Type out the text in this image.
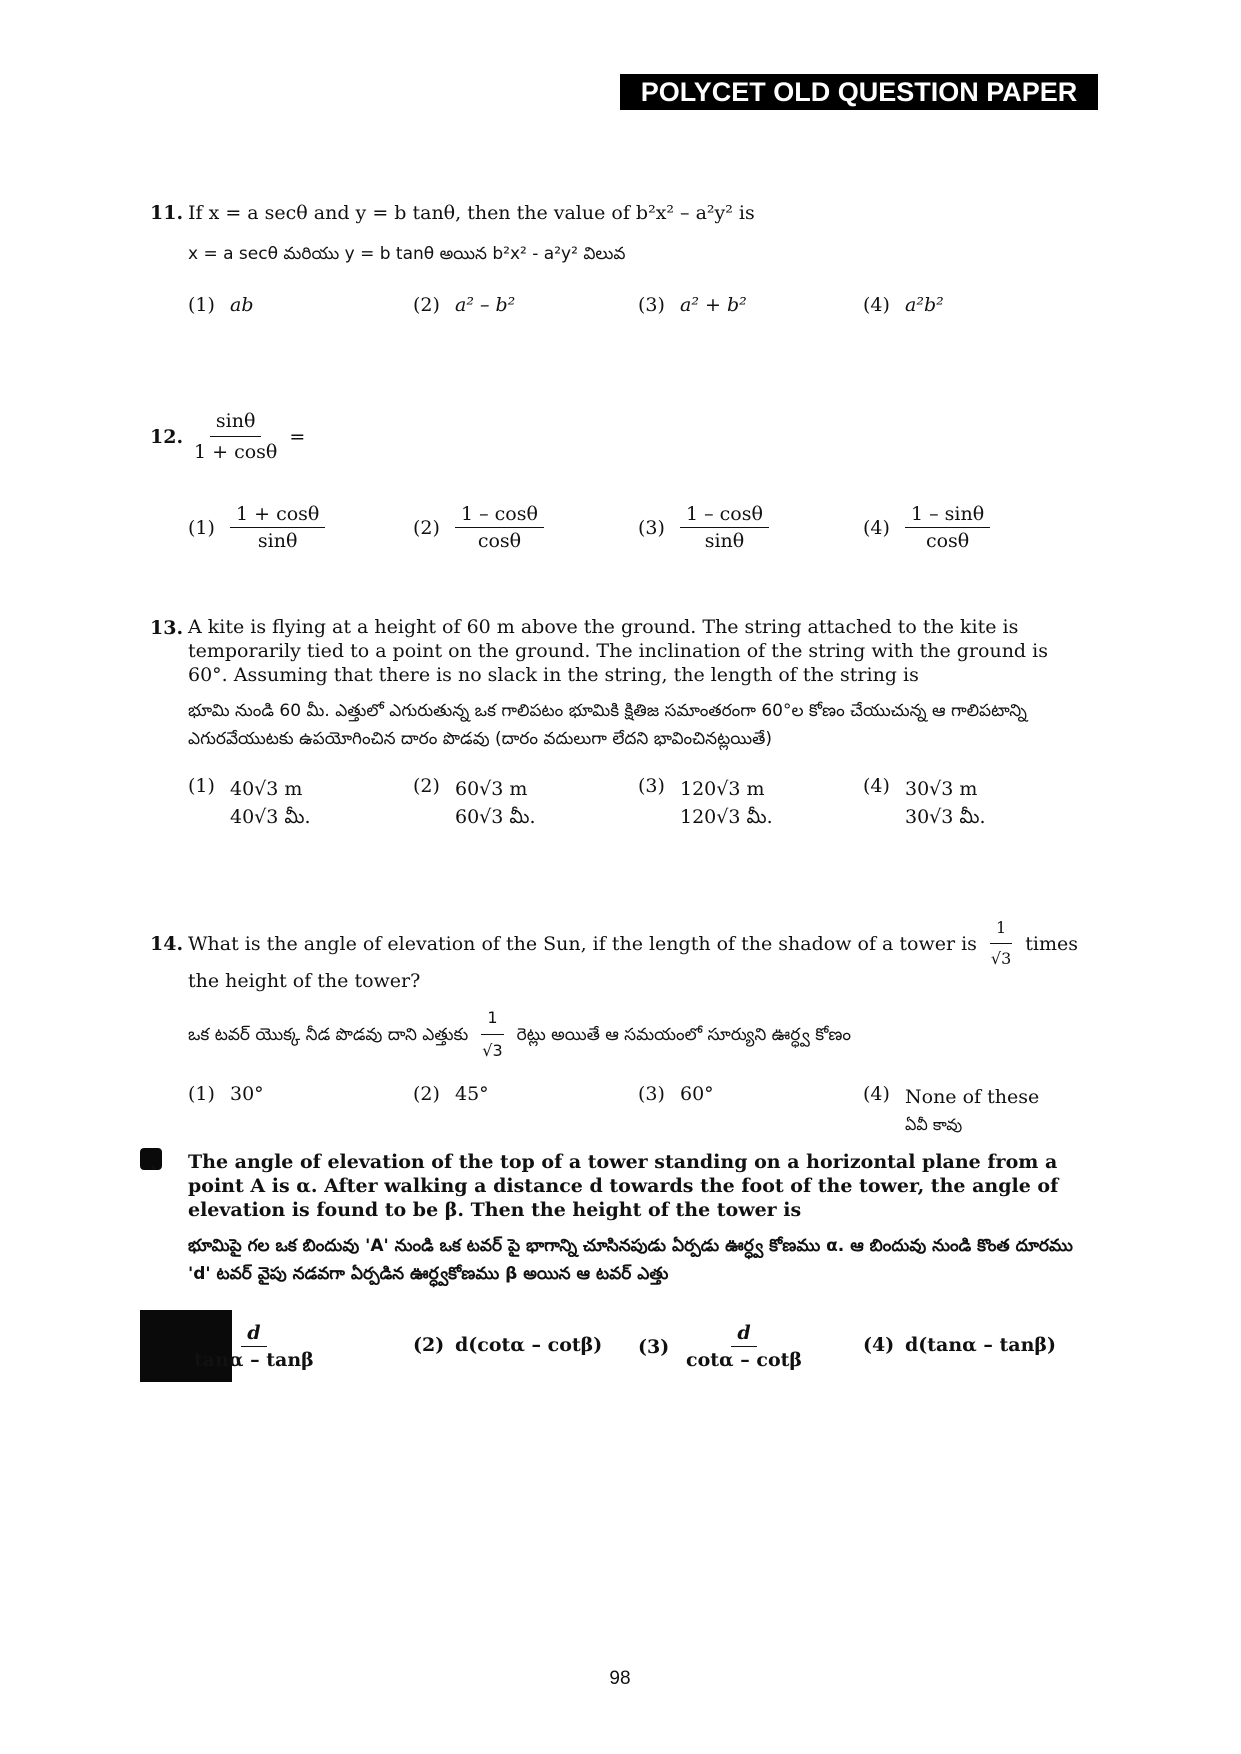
POLYCET OLD QUESTION PAPER
11. If x = a secθ and y = b tanθ, then the value of b²x² – a²y² is
x = a secθ మరియు y = b tanθ అయిన b²x² - a²y² విలువ
(1) ab	(2) a² – b²	(3) a² + b²	(4) a²b²
12. $\frac{\sin\theta}{1 + \cos\theta}$ =
$(1) \frac{1 + \cos\theta}{\sin\theta}$	$(2) \frac{1 - \cos\theta}{\cos\theta}$	$(3) \frac{1 - \cos\theta}{\sin\theta}$	$(4) \frac{1 - \sin\theta}{\cos\theta}$
13. A kite is flying at a height of 60 m above the ground. The string attached to the kite is temporarily tied to a point on the ground. The inclination of the string with the ground is 60°. Assuming that there is no slack in the string, the length of the string is

భూమి నుండి 60 మీ. ఎత్తులో ఎగురుతున్న ఒక గాలిపటం భూమికి క్షితిజ సమాంతరంగా 60°ల కోణం చేయుచున్న ఆ గాలిపటాన్ని ఎగురవేయుటకు ఉపయోగించిన దారం పొడవు (దారం వదులుగా లేదని భావించినట్లయితే)
(1) 40√3 m
40√3 మీ.
(2) 60√3 m
60√3 మీ.
(3) 120√3 m
120√3 మీ.
(4) 30√3 m
30√3 మీ.
14. What is the angle of elevation of the Sun, if the length of the shadow of a tower is $\frac{1}{√3}$ times
the height of the tower?
ఒక టవర్ యొక్క నీడ పొడవు దాని ఎత్తుకు $\frac{1}{√3}$ రెట్లు అయితే ఆ సమయంలో సూర్యుని ఊర్ధ్వ కోణం
(1) 30°	(2) 45°	(3) 60°	(4) None of these
ఏవీ కావు
.	The angle of elevation of the top of a tower standing on a horizontal plane from a point A is α. After walking a distance d towards the foot of the tower, the angle of elevation is found to be β. Then the height of the tower is

భూమిపై గల ఒక బిందువు 'A' నుండి ఒక టవర్ పై భాగాన్ని చూసినపుడు ఏర్పడు ఊర్ధ్వ కోణము α. ఆ బిందువు నుండి కొంత దూరము 'd' టవర్ వైపు నడవగా ఏర్పడిన ఊర్ధ్వకోణము β అయిన ఆ టవర్ ఎత్తు
$\frac{d}{\tan\alpha - \tan\beta}$	(2) d(cotα – cotβ) $(3) \frac{d}{\cot\alpha - \cot\beta}$	(4) d(tanα – tanβ)
98
